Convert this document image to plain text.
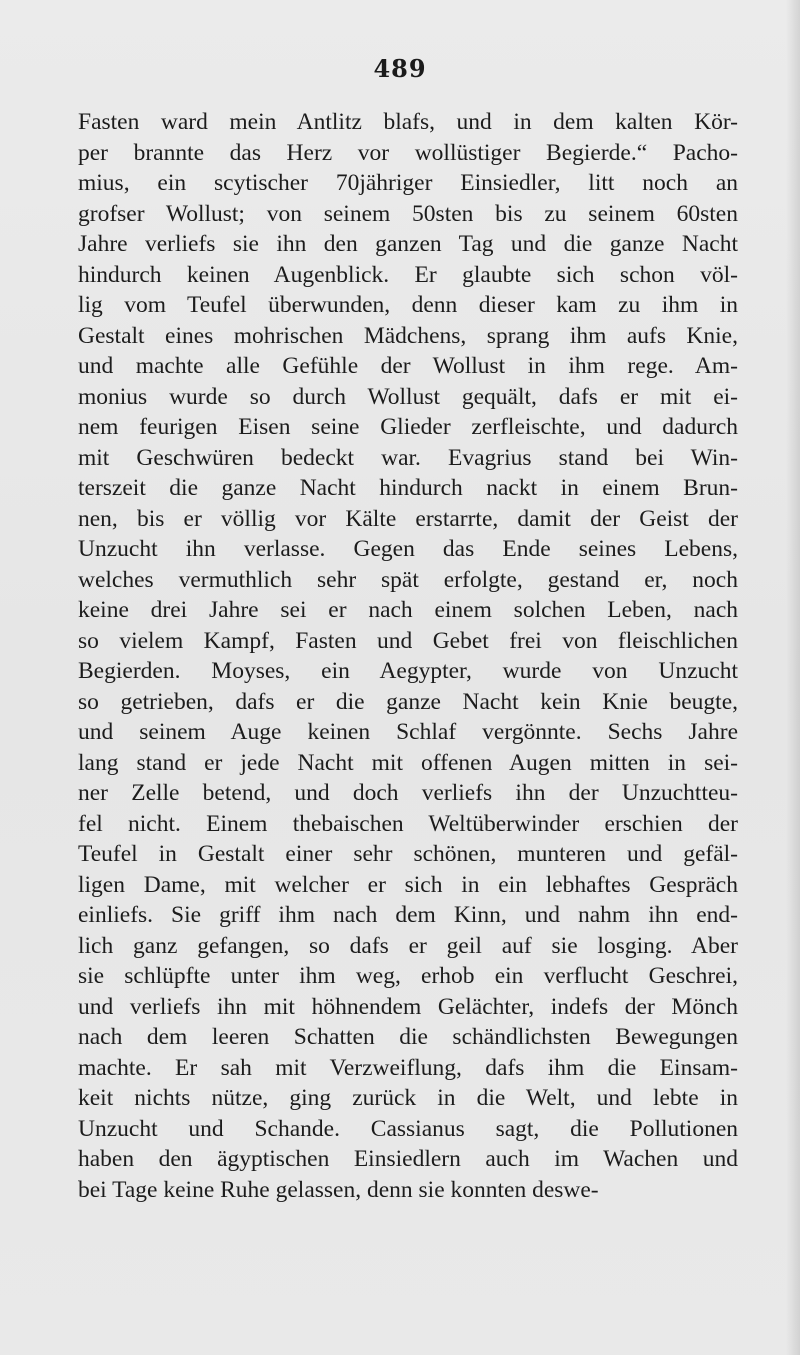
489
Fasten ward mein Antlitz blafs, und in dem kalten Kör-
per brannte das Herz vor wollüstiger Begierde.“ Pacho-
mius, ein scytischer 70jähriger Einsiedler, litt noch an
grofser Wollust; von seinem 50sten bis zu seinem 60sten
Jahre verliefs sie ihn den ganzen Tag und die ganze Nacht
hindurch keinen Augenblick. Er glaubte sich schon völ-
lig vom Teufel überwunden, denn dieser kam zu ihm in
Gestalt eines mohrischen Mädchens, sprang ihm aufs Knie,
und machte alle Gefühle der Wollust in ihm rege. Am-
monius wurde so durch Wollust gequält, dafs er mit ei-
nem feurigen Eisen seine Glieder zerfleischte, und dadurch
mit Geschwüren bedeckt war. Evagrius stand bei Win-
terszeit die ganze Nacht hindurch nackt in einem Brun-
nen, bis er völlig vor Kälte erstarrte, damit der Geist der
Unzucht ihn verlasse. Gegen das Ende seines Lebens,
welches vermuthlich sehr spät erfolgte, gestand er, noch
keine drei Jahre sei er nach einem solchen Leben, nach
so vielem Kampf, Fasten und Gebet frei von fleischlichen
Begierden. Moyses, ein Aegypter, wurde von Unzucht
so getrieben, dafs er die ganze Nacht kein Knie beugte,
und seinem Auge keinen Schlaf vergönnte. Sechs Jahre
lang stand er jede Nacht mit offenen Augen mitten in sei-
ner Zelle betend, und doch verliefs ihn der Unzuchtteu-
fel nicht. Einem thebaischen Weltüberwinder erschien der
Teufel in Gestalt einer sehr schönen, munteren und gefäl-
ligen Dame, mit welcher er sich in ein lebhaftes Gespräch
einliefs. Sie griff ihm nach dem Kinn, und nahm ihn end-
lich ganz gefangen, so dafs er geil auf sie losging. Aber
sie schlüpfte unter ihm weg, erhob ein verflucht Geschrei,
und verliefs ihn mit höhnendem Gelächter, indefs der Mönch
nach dem leeren Schatten die schändlichsten Bewegungen
machte. Er sah mit Verzweiflung, dafs ihm die Einsam-
keit nichts nütze, ging zurück in die Welt, und lebte in
Unzucht und Schande. Cassianus sagt, die Pollutionen
haben den ägyptischen Einsiedlern auch im Wachen und
bei Tage keine Ruhe gelassen, denn sie konnten deswe-
